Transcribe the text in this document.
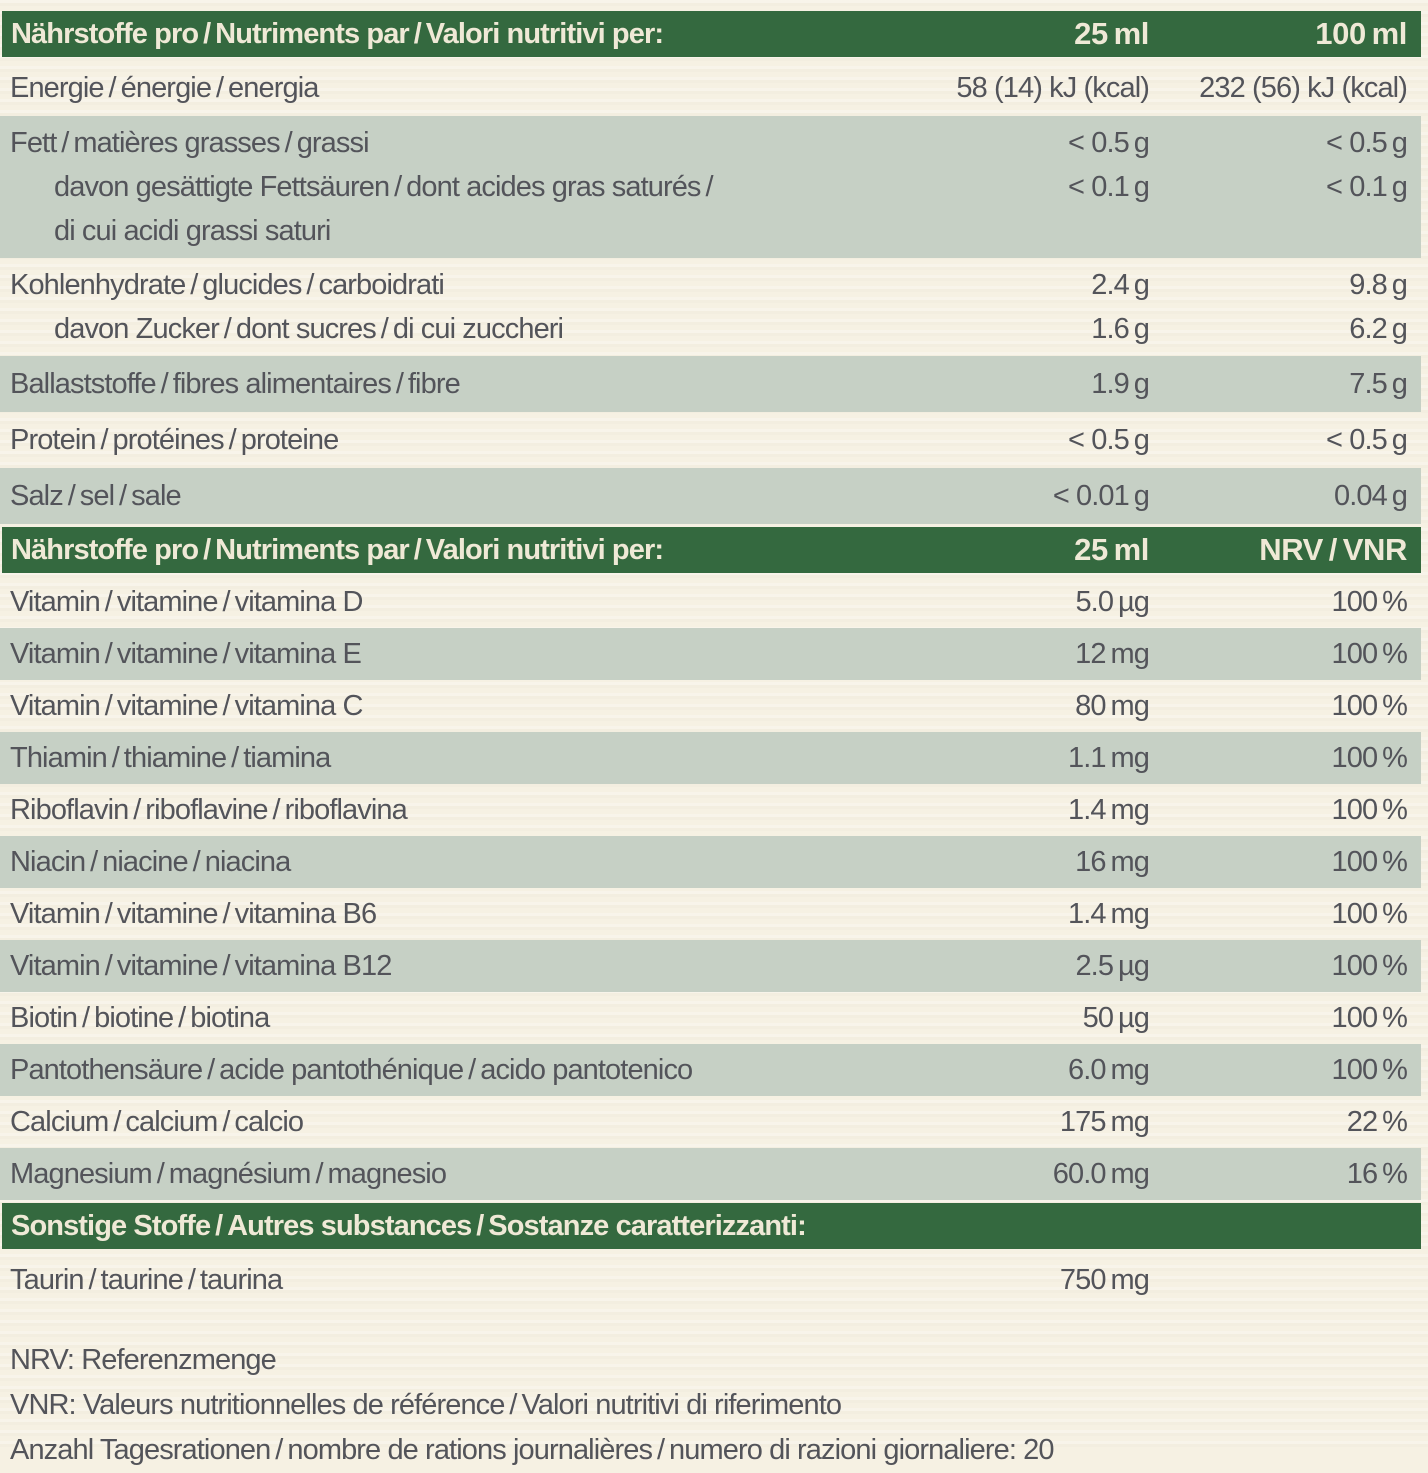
Nährstoffe pro / Nutriments par / Valori nutritivi per:	25 ml	100 ml
Energie / énergie / energia	58 (14) kJ (kcal)	232 (56) kJ (kcal)
Fett / matières grasses / grassi	< 0.5 g	< 0.5 g
davon gesättigte Fettsäuren / dont acides gras saturés /	< 0.1 g	< 0.1 g
di cui acidi grassi saturi
Kohlenhydrate / glucides / carboidrati	2.4 g	9.8 g
davon Zucker / dont sucres / di cui zuccheri	1.6 g	6.2 g
Ballaststoffe / fibres alimentaires / fibre	1.9 g	7.5 g
Protein / protéines / proteine	< 0.5 g	< 0.5 g
Salz / sel / sale	< 0.01 g	0.04 g
Nährstoffe pro / Nutriments par / Valori nutritivi per:	25 ml	NRV / VNR
Vitamin / vitamine / vitamina D	5.0 µg	100 %
Vitamin / vitamine / vitamina E	12 mg	100 %
Vitamin / vitamine / vitamina C	80 mg	100 %
Thiamin / thiamine / tiamina	1.1 mg	100 %
Riboflavin / riboflavine / riboflavina	1.4 mg	100 %
Niacin / niacine / niacina	16 mg	100 %
Vitamin / vitamine / vitamina B6	1.4 mg	100 %
Vitamin / vitamine / vitamina B12	2.5 µg	100 %
Biotin / biotine / biotina	50 µg	100 %
Pantothensäure / acide pantothénique / acido pantotenico	6.0 mg	100 %
Calcium / calcium / calcio	175 mg	22 %
Magnesium / magnésium / magnesio	60.0 mg	16 %
Sonstige Stoffe / Autres substances / Sostanze caratterizzanti:
Taurin / taurine / taurina	750 mg
NRV: Referenzmenge
VNR: Valeurs nutritionnelles de référence / Valori nutritivi di riferimento
Anzahl Tagesrationen / nombre de rations journalières / numero di razioni giornaliere: 20
